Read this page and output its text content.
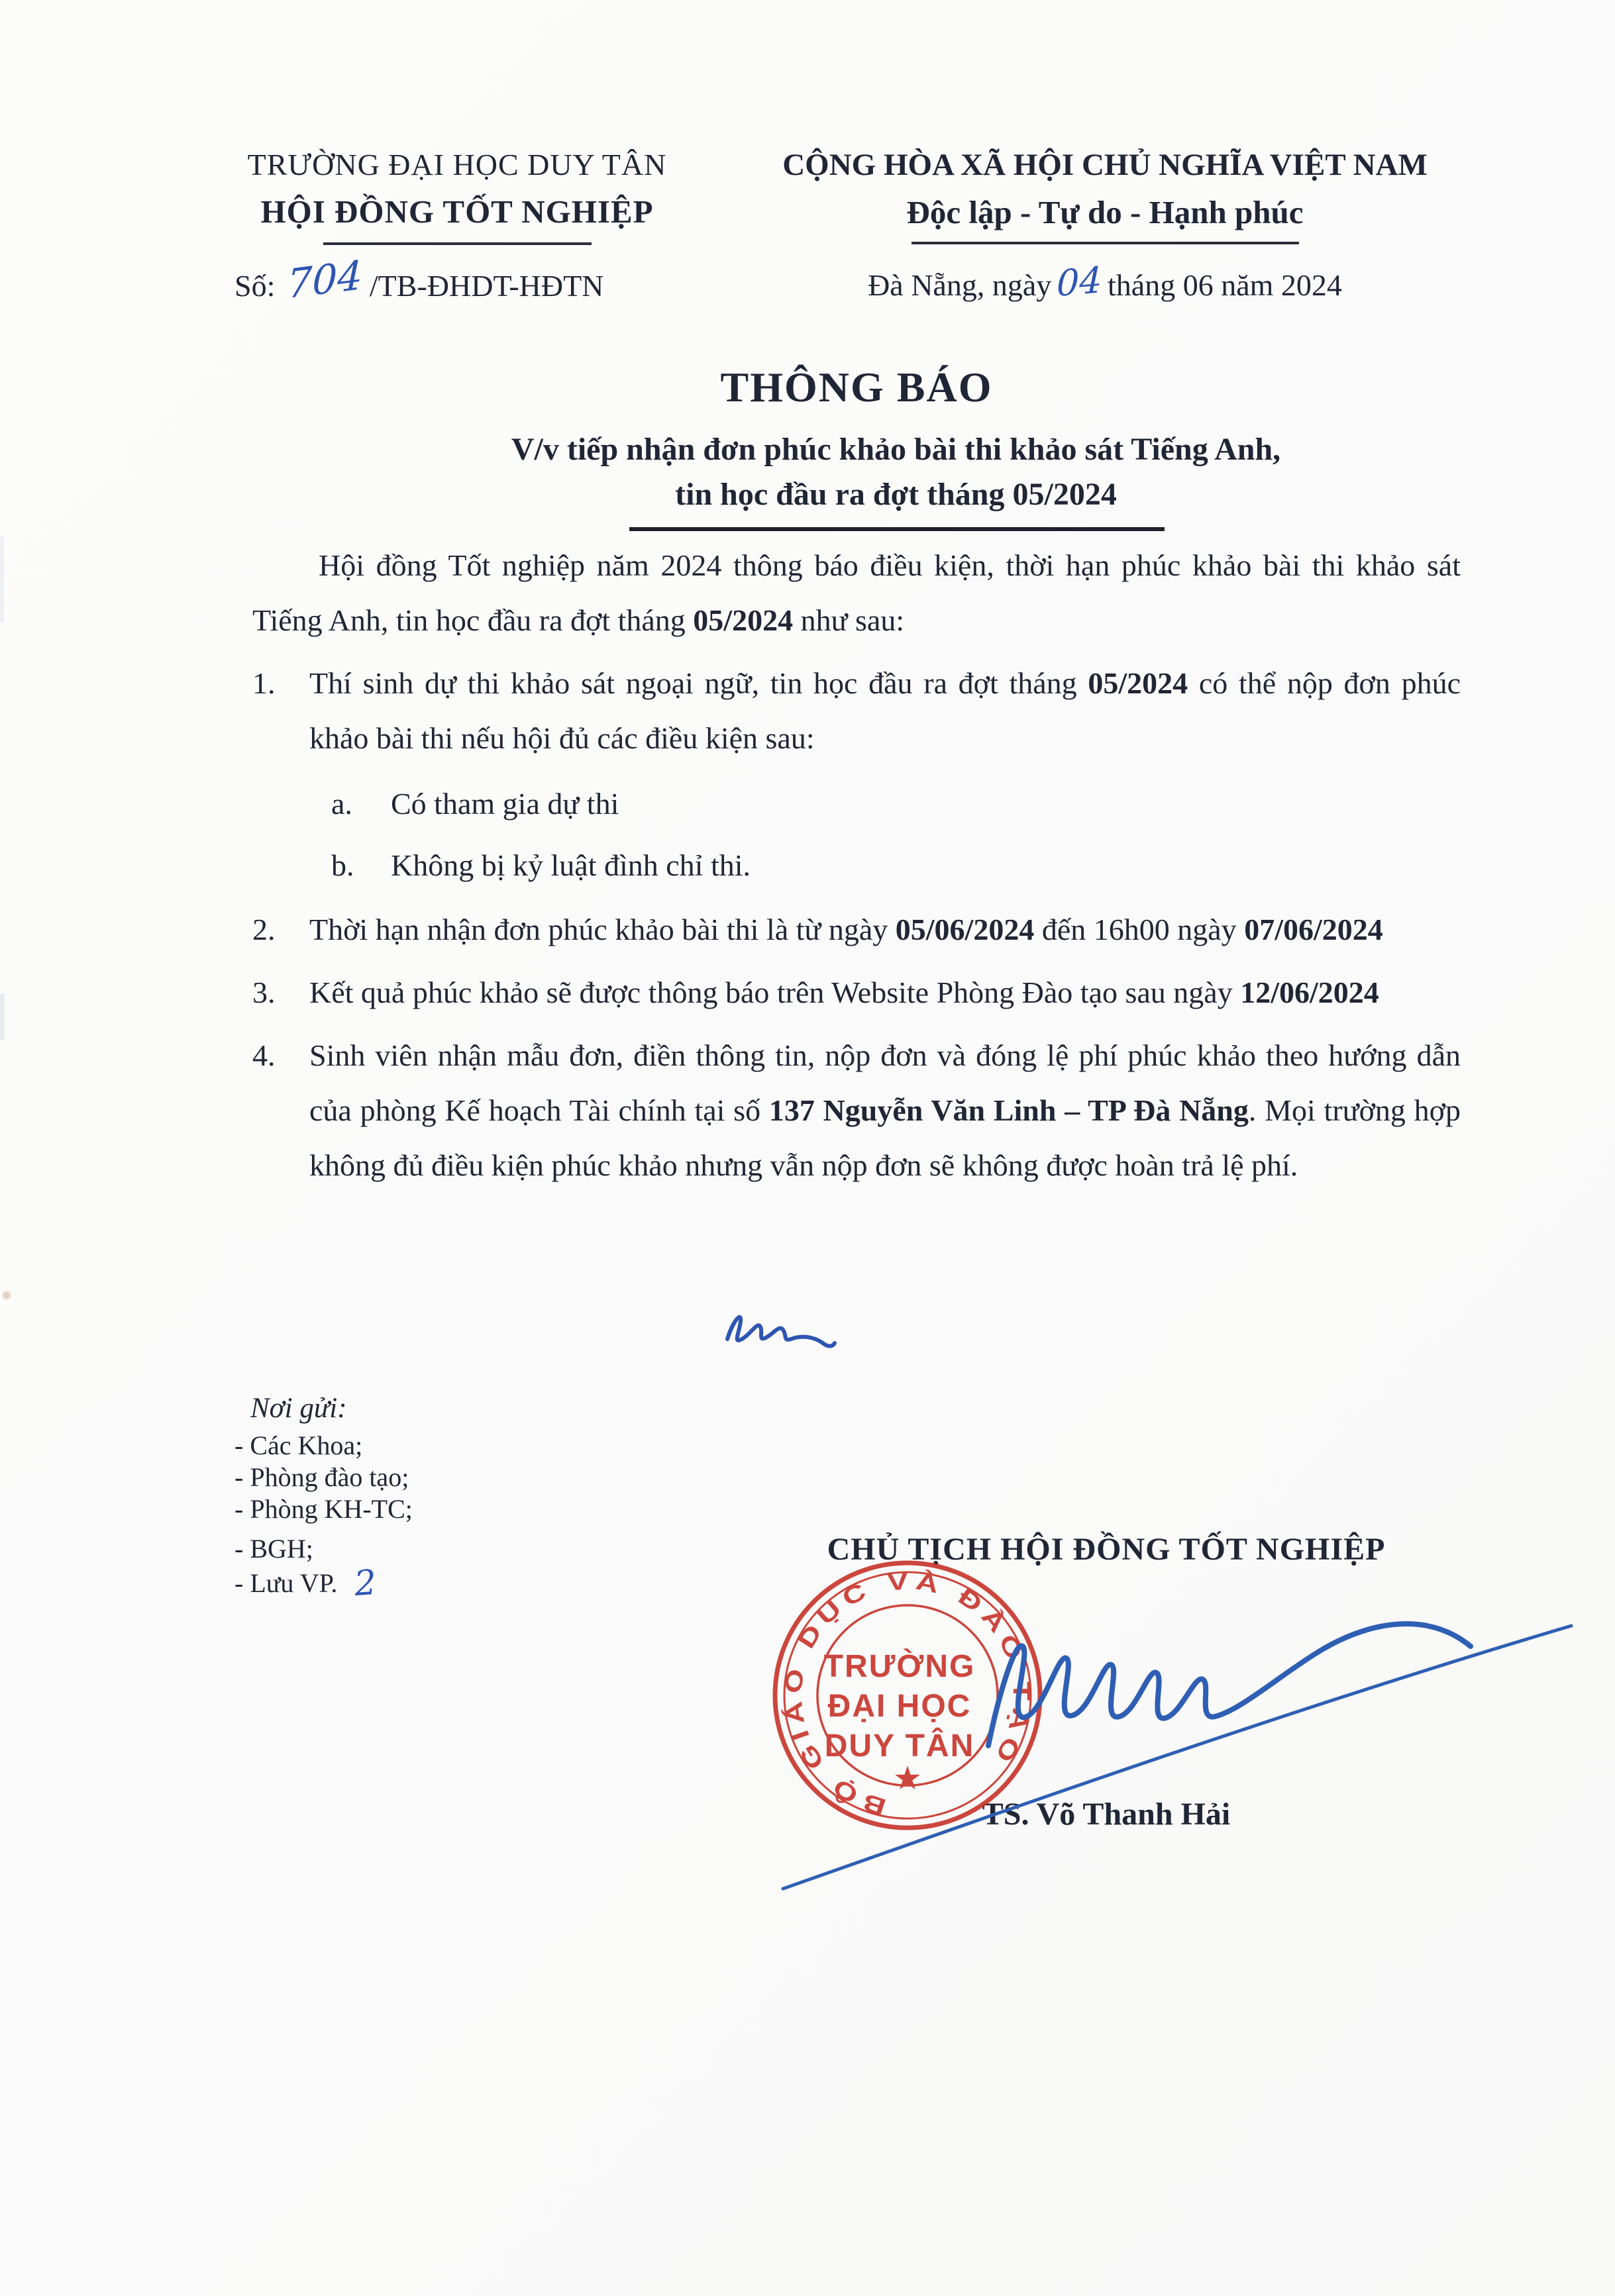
TRƯỜNG ĐẠI HỌC DUY TÂN
HỘI ĐỒNG TỐT NGHIỆP
Số: 704 /TB-ĐHDT-HĐTN
CỘNG HÒA XÃ HỘI CHỦ NGHĨA VIỆT NAM
Độc lập - Tự do - Hạnh phúc
Đà Nẵng, ngày 04 tháng 06 năm 2024
THÔNG BÁO
V/v tiếp nhận đơn phúc khảo bài thi khảo sát Tiếng Anh,
tin học đầu ra đợt tháng 05/2024

Hội đồng Tốt nghiệp năm 2024 thông báo điều kiện, thời hạn phúc khảo bài thi khảo sát Tiếng Anh, tin học đầu ra đợt tháng 05/2024 như sau:

1. Thí sinh dự thi khảo sát ngoại ngữ, tin học đầu ra đợt tháng 05/2024 có thể nộp đơn phúc khảo bài thi nếu hội đủ các điều kiện sau:
a. Có tham gia dự thi
b. Không bị kỷ luật đình chỉ thi.
2. Thời hạn nhận đơn phúc khảo bài thi là từ ngày 05/06/2024 đến 16h00 ngày 07/06/2024
3. Kết quả phúc khảo sẽ được thông báo trên Website Phòng Đào tạo sau ngày 12/06/2024
4. Sinh viên nhận mẫu đơn, điền thông tin, nộp đơn và đóng lệ phí phúc khảo theo hướng dẫn của phòng Kế hoạch Tài chính tại số 137 Nguyễn Văn Linh – TP Đà Nẵng. Mọi trường hợp không đủ điều kiện phúc khảo nhưng vẫn nộp đơn sẽ không được hoàn trả lệ phí.
Nơi gửi:
- Các Khoa;
- Phòng đào tạo;
- Phòng KH-TC;
- BGH;
- Lưu VP. 2
CHỦ TỊCH HỘI ĐỒNG TỐT NGHIỆP
TS. Võ Thanh Hải
BỘ GIÁO DỤC VÀ ĐÀO TẠO
TRƯỜNG
ĐẠI HỌC
DUY TÂN
★
